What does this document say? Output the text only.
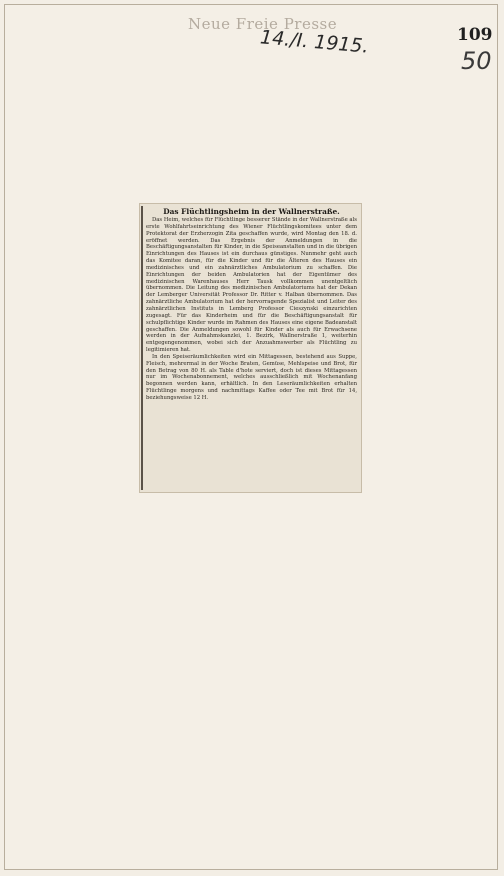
Neue Freie Presse
14./I. 1915.	109
50
Das Flüchtlingsheim in der Wallnerstraße.

Das Heim, welches für Flüchtlinge besserer Stände in der Wallnerstraße als erste Wohlfahrtseinrichtung des Wiener Flüchtlingskomitees unter dem Protektorat der Erzherzogin Zita geschaffen wurde, wird Montag den 18. d. eröffnet werden. Das Ergebnis der Anmeldungen in die Beschäftigungsanstalten für Kinder, in die Speiseanstalten und in die übrigen Einrichtungen des Hauses ist ein durchaus günstiges. Nunmehr geht auch das Komitee daran, für die Kinder und für die Älteren des Hauses ein medizinisches und ein zahnärztliches Ambulatorium zu schaffen. Die Einrichtungen der beiden Ambulatorien hat der Eigentümer des medizinischen Warenhauses Herr Tausk vollkommen unentgeltlich übernommen. Die Leitung des medizinischen Ambulatoriums hat der Dekan der Lemberger Universität Professor Dr. Ritter v. Halban übernommen. Das zahnärztliche Ambulatorium hat der hervorragende Spezialist und Leiter des zahnärztlichen Instituts in Lemberg Professor Cieszynski einzurichten zugesagt. Für das Kinderheim und für die Beschäftigungsanstalt für schulpflichtige Kinder wurde im Rahmen des Hauses eine eigene Badeanstalt geschaffen. Die Anmeldungen sowohl für Kinder als auch für Erwachsene werden in der Aufnahmskanzlei, 1. Bezirk, Wallnerstraße 1, weiterhin entgegengenommen, wobei sich der Anzuahmswerber als Flüchtling zu legitimieren hat.

In den Speiseräumlichkeiten wird ein Mittagessen, bestehend aus Suppe, Fleisch, mehrermal in der Woche Braten, Gemüse, Mehlspeise und Brot, für den Betrag von 80 H. als Table d'hote serviert, doch ist dieses Mittagessen nur im Wochenabonnement, welches ausschließlich mit Wochenanfang begonnen werden kann, erhältlich. In den Leseräumlichkeiten erhalten Flüchtlinge morgens und nachmittags Kaffee oder Tee mit Brot für 14, beziehungsweise 12 H.
